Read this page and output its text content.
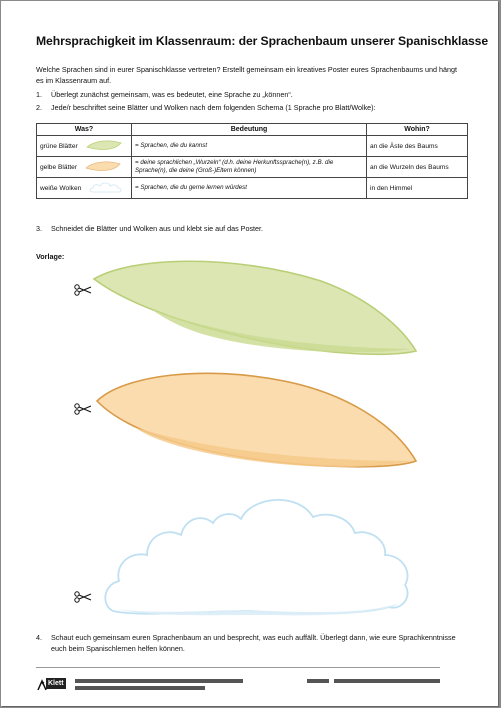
Mehrsprachigkeit im Klassenraum: der Sprachenbaum unserer Spanischklasse
Welche Sprachen sind in eurer Spanischklasse vertreten? Erstellt gemeinsam ein kreatives Poster eures Sprachenbaums und hängt es im Klassenraum auf.
1. Überlegt zunächst gemeinsam, was es bedeutet, eine Sprache zu „können“.
2. Jede/r beschriftet seine Blätter und Wolken nach dem folgenden Schema (1 Sprache pro Blatt/Wolke):
Was?	Bedeutung	Wohin?
grüne Blätter	= Sprachen, die du kannst	an die Äste des Baums
gelbe Blätter	= deine sprachlichen „Wurzeln“ (d.h. deine Herkunftssprache(n), z.B. die Sprache(n), die deine (Groß-)Eltern können)	an die Wurzeln des Baums
weiße Wolken	= Sprachen, die du gerne lernen würdest	in den Himmel
3. Schneidet die Blätter und Wolken aus und klebt sie auf das Poster.
Vorlage:
4.	Schaut euch gemeinsam euren Sprachenbaum an und besprecht, was euch auffällt. Überlegt dann, wie eure Sprachkenntnisse euch beim Spanischlernen helfen können.
Klett
